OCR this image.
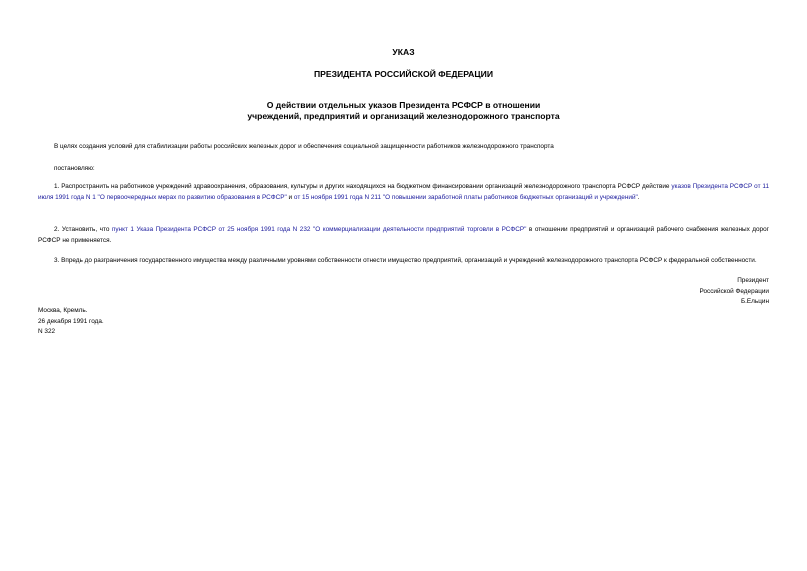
УКАЗ
ПРЕЗИДЕНТА РОССИЙСКОЙ ФЕДЕРАЦИИ
О действии отдельных указов Президента РСФСР в отношении
учреждений, предприятий и организаций железнодорожного транспорта

В целях создания условий для стабилизации работы российских железных дорог и обеспечения социальной защищенности работников железнодорожного транспорта

постановляю:

1. Распространить на работников учреждений здравоохранения, образования, культуры и других находящихся на бюджетном финансировании организаций железнодорожного транспорта РСФСР действие указов Президента РСФСР от 11 июля 1991 года N 1 "О первоочередных мерах по развитию образования в РСФСР" и от 15 ноября 1991 года N 211 "О повышении заработной платы работников бюджетных организаций и учреждений".

2. Установить, что пункт 1 Указа Президента РСФСР от 25 ноября 1991 года N 232 "О коммерциализации деятельности предприятий торговли в РСФСР" в отношении предприятий и организаций рабочего снабжения железных дорог РСФСР не применяется.

3. Впредь до разграничения государственного имущества между различными уровнями собственности отнести имущество предприятий, организаций и учреждений железнодорожного транспорта РСФСР к федеральной собственности.

Президент
Российской Федерации
Б.Ельцин
Москва, Кремль.
26 декабря 1991 года.
N 322
